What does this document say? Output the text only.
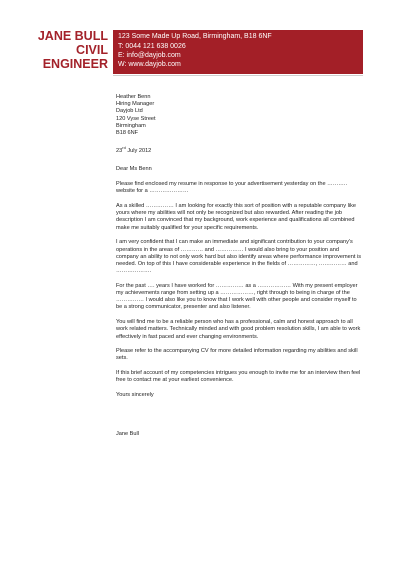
JANE BULL
CIVIL
ENGINEER
123 Some Made Up Road, Birmingham, B18 6NF
T: 0044 121 638 0026
E: info@dayjob.com
W: www.dayjob.com
Heather Benn
Hiring Manager
Dayjob Ltd
120 Vyse Street
Birmingham
B18 6NF
23rd July 2012

Dear Ms Benn

Please find enclosed my resume in response to your advertisement yesterday on the ……….. website for a …………………

As a skilled …………… I am looking for exactly this sort of position with a reputable company like yours where my abilities will not only be recognized but also rewarded. After reading the job description I am convinced that my background, work experience and qualifications all combined make me suitably qualified for your specific requirements.

I am very confident that I can make an immediate and significant contribution to your company's operations in the areas of ………… and …………… I would also bring to your position and company an ability to not only work hard but also identify areas where performance improvement is needed. On top of this I have considerable experience in the fields of ……………, …………… and ……………….

For the past …. years I have worked for …………… as a ……………… With my present employer my achievements range from setting up a ………………, right through to being in charge of the …………… I would also like you to know that I work well with other people and consider myself to be a strong communicator, presenter and also listener.

You will find me to be a reliable person who has a professional, calm and honest approach to all work related matters. Technically minded and with good problem resolution skills, I am able to work effectively in fast paced and ever changing environments.

Please refer to the accompanying CV for more detailed information regarding my abilities and skill sets.

If this brief account of my competencies intrigues you enough to invite me for an interview then feel free to contact me at your earliest convenience.

Yours sincerely

Jane Bull
